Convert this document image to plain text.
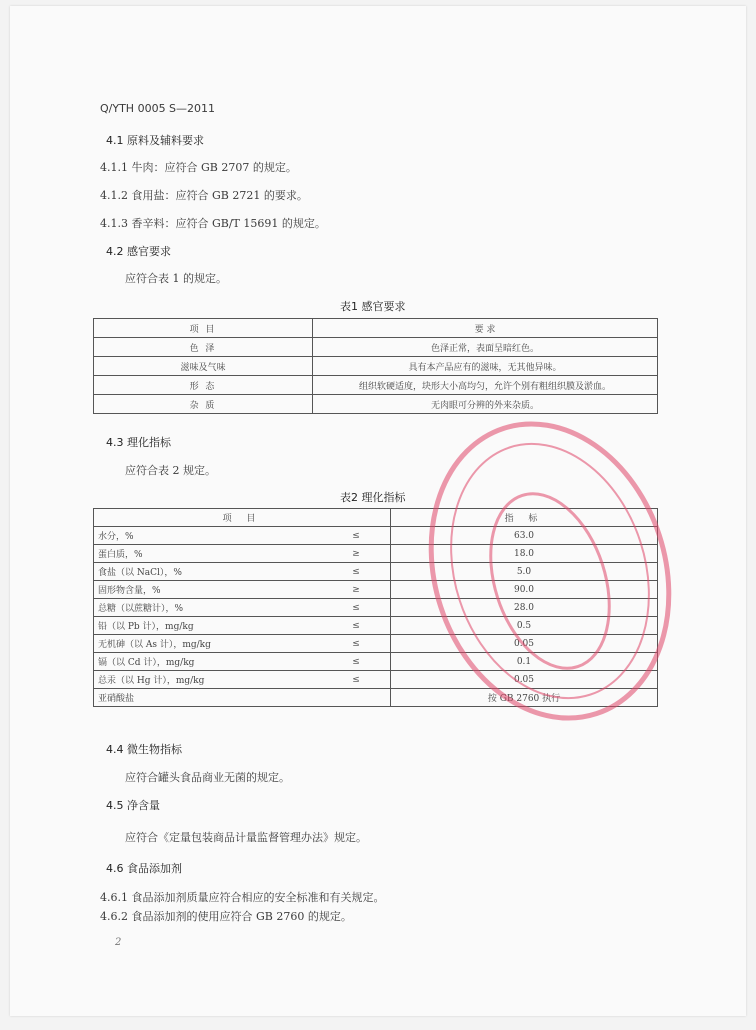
Q/YTH 0005 S—2011
4.1 原料及辅料要求
4.1.1 牛肉：应符合 GB 2707 的规定。
4.1.2 食用盐：应符合 GB 2721 的要求。
4.1.3 香辛料：应符合 GB/T 15691 的规定。
4.2 感官要求
应符合表 1 的规定。
表1 感官要求
项 目	要 求
色 泽	色泽正常，表面呈暗红色。
滋味及气味	具有本产品应有的滋味，无其他异味。
形 态	组织软硬适度，块形大小高均匀，允许个别有粗组织膜及淤血。
杂 质	无肉眼可分辨的外来杂质。
4.3 理化指标
应符合表 2 规定。
表2 理化指标
项 目		指 标
水分，%	≤	63.0
蛋白质，%	≥	18.0
食盐（以 NaCl），%	≤	5.0
固形物含量，%	≥	90.0
总糖（以蔗糖计），%	≤	28.0
铅（以 Pb 计），mg/kg	≤	0.5
无机砷（以 As 计），mg/kg	≤	0.05
镉（以 Cd 计），mg/kg	≤	0.1
总汞（以 Hg 计），mg/kg	≤	0.05
亚硝酸盐		按 GB 2760 执行
4.4 微生物指标
应符合罐头食品商业无菌的规定。
4.5 净含量
应符合《定量包装商品计量监督管理办法》规定。
4.6 食品添加剂
4.6.1 食品添加剂质量应符合相应的安全标准和有关规定。
4.6.2 食品添加剂的使用应符合 GB 2760 的规定。
2
